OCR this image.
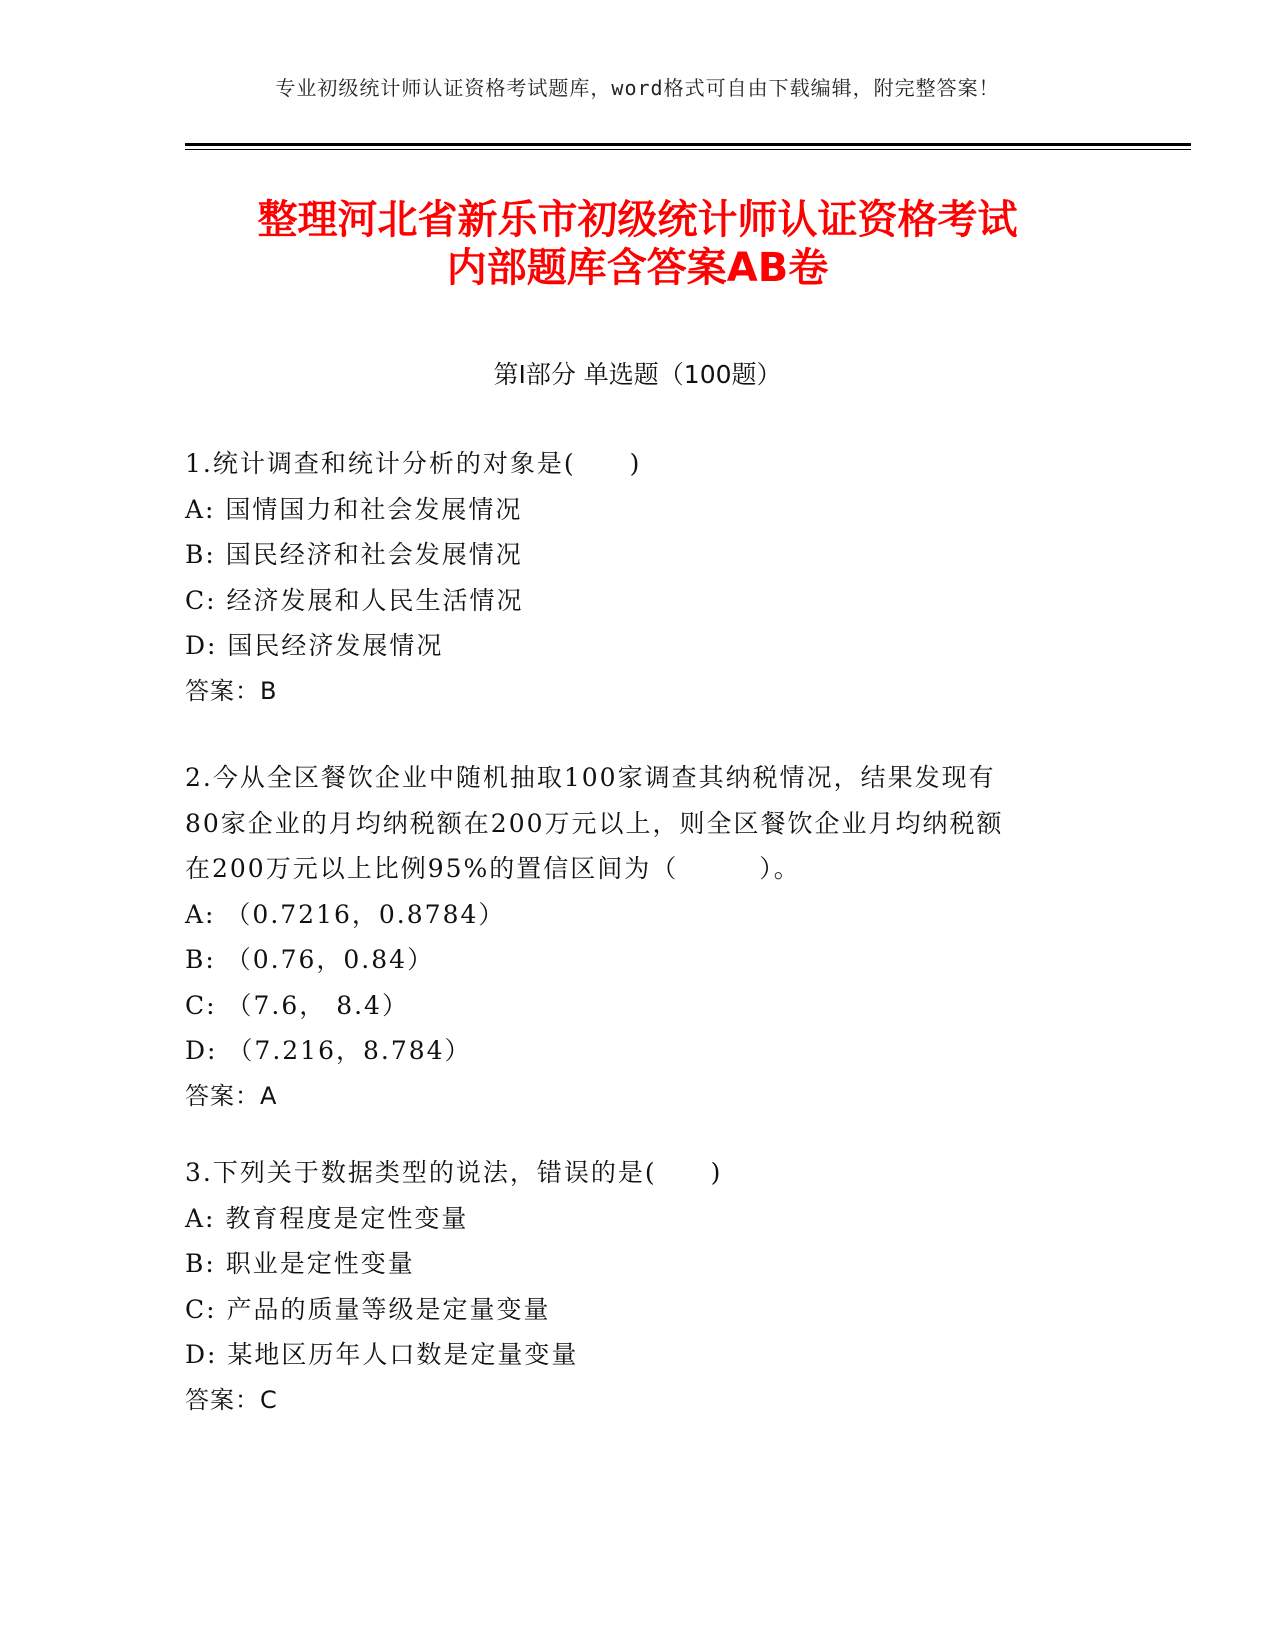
专业初级统计师认证资格考试题库，word格式可自由下载编辑，附完整答案！
整理河北省新乐市初级统计师认证资格考试
内部题库含答案AB卷
第Ⅰ部分 单选题（100题）
1.统计调查和统计分析的对象是(　　)
A: 国情国力和社会发展情况
B: 国民经济和社会发展情况
C: 经济发展和人民生活情况
D: 国民经济发展情况
答案：B
2.今从全区餐饮企业中随机抽取100家调查其纳税情况，结果发现有
80家企业的月均纳税额在200万元以上，则全区餐饮企业月均纳税额
在200万元以上比例95%的置信区间为（　　　）。
A: （0.7216，0.8784）
B: （0.76，0.84）
C: （7.6， 8.4）
D: （7.216，8.784）
答案：A
3.下列关于数据类型的说法，错误的是(　　)
A: 教育程度是定性变量
B: 职业是定性变量
C: 产品的质量等级是定量变量
D: 某地区历年人口数是定量变量
答案：C
